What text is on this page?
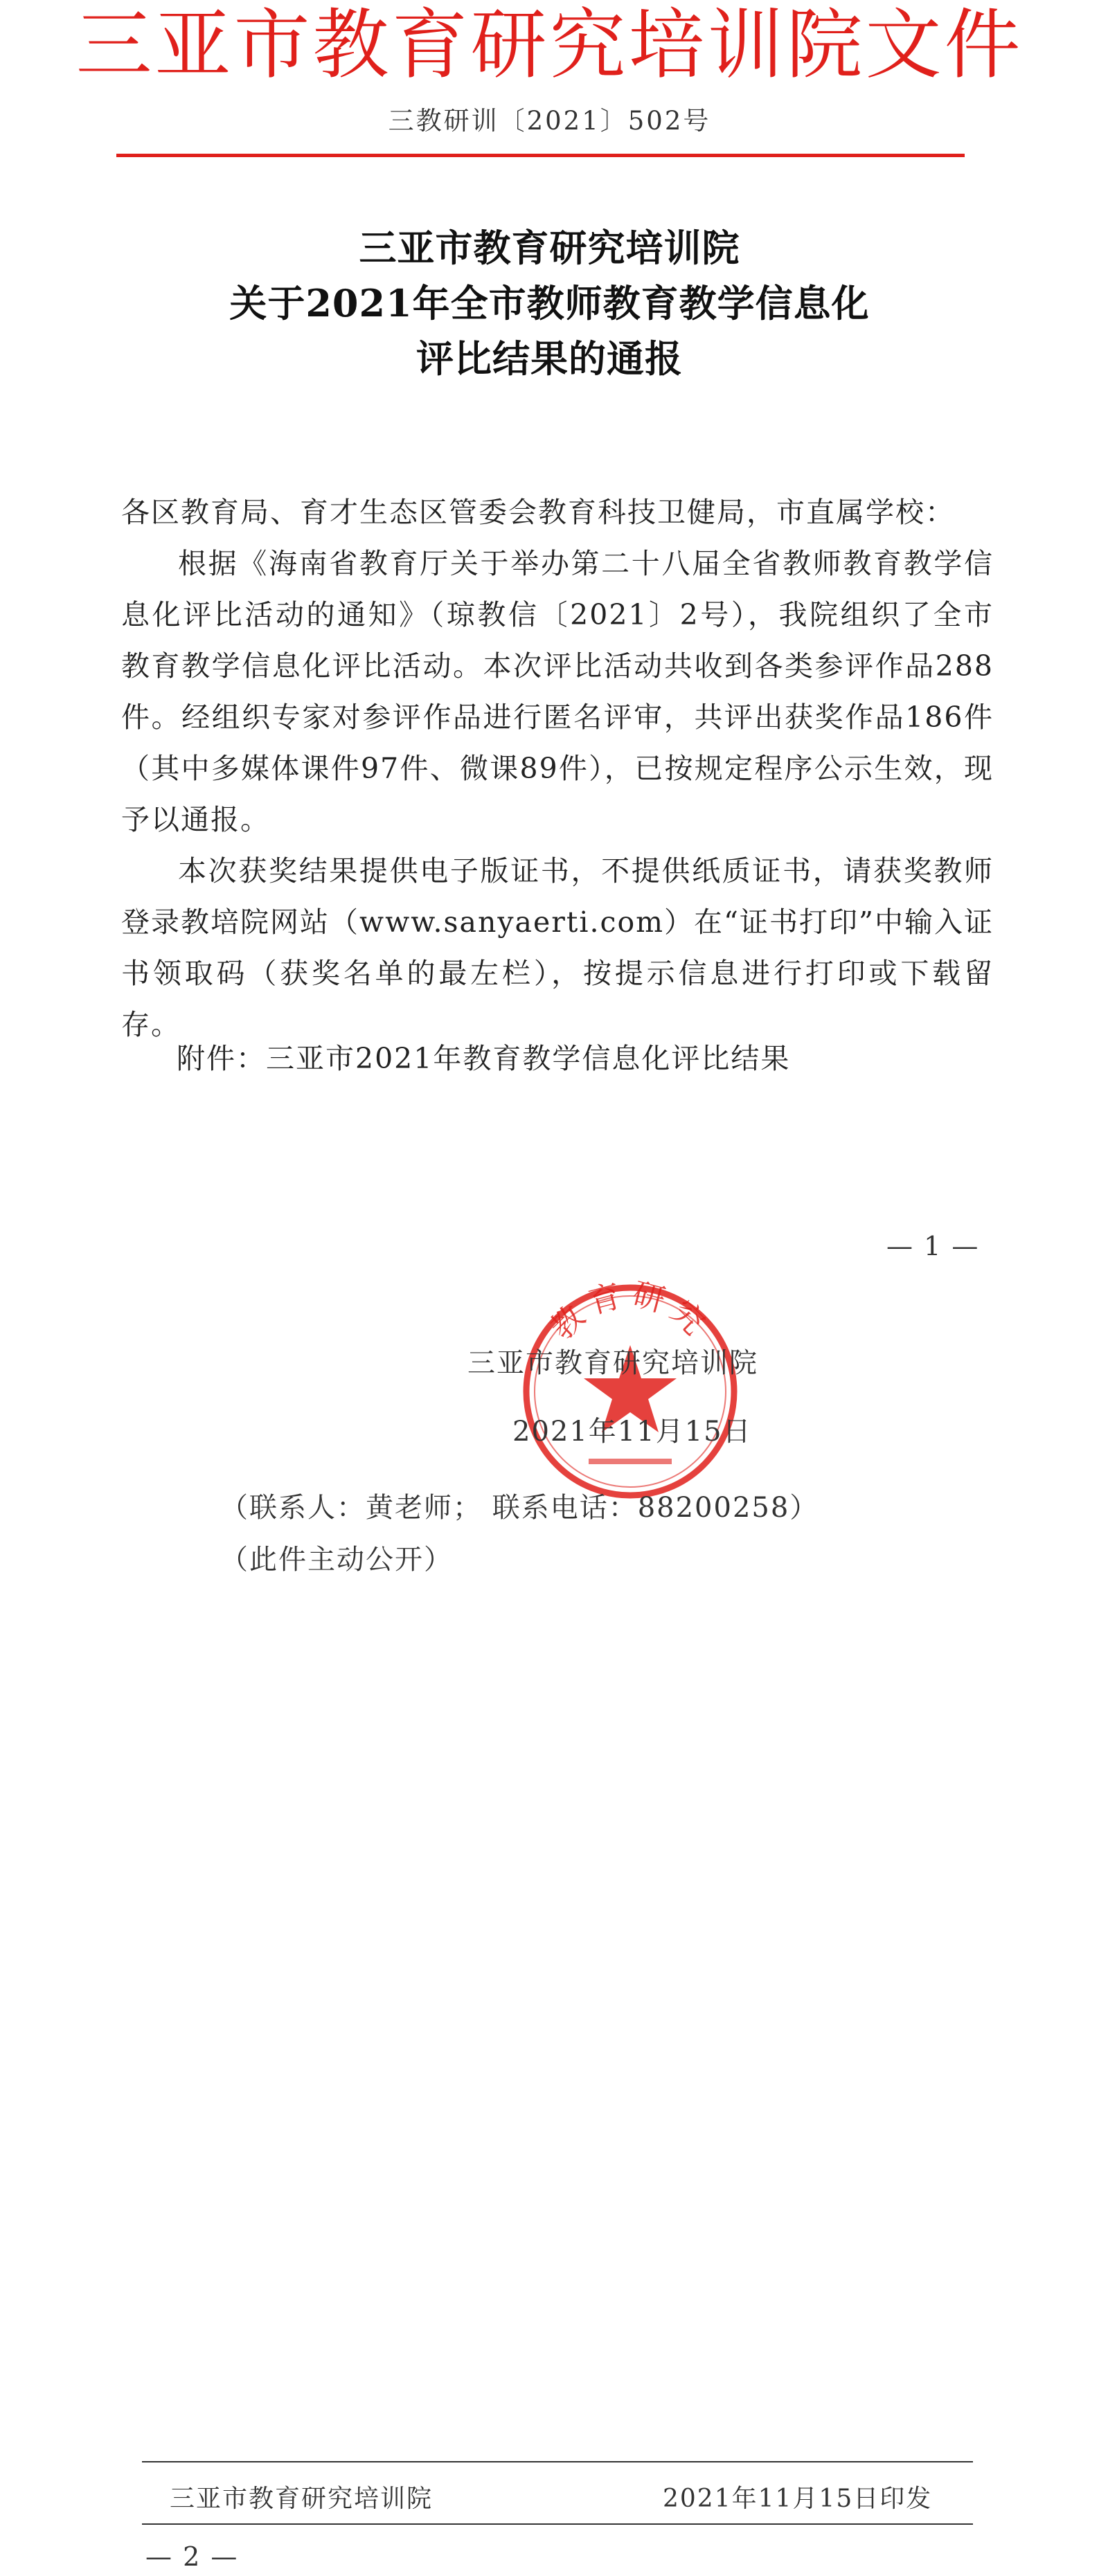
三亚市教育研究培训院文件
三教研训〔2021〕502号
三亚市教育研究培训院
关于2021年全市教师教育教学信息化
评比结果的通报
各区教育局、育才生态区管委会教育科技卫健局，市直属学校：
根据《海南省教育厅关于举办第二十八届全省教师教育教学信息化评比活动的通知》（琼教信〔2021〕2号），我院组织了全市教育教学信息化评比活动。本次评比活动共收到各类参评作品288件。经组织专家对参评作品进行匿名评审，共评出获奖作品186件（其中多媒体课件97件、微课89件），已按规定程序公示生效，现予以通报。
本次获奖结果提供电子版证书，不提供纸质证书，请获奖教师登录教培院网站（www.sanyaerti.com）在“证书打印”中输入证书领取码（获奖名单的最左栏），按提示信息进行打印或下载留存。
附件：三亚市2021年教育教学信息化评比结果
— 1 —
教育研究
三亚市教育研究培训院
2021年11月15日
（联系人：黄老师； 联系电话：88200258）
（此件主动公开）
三亚市教育研究培训院	2021年11月15日印发
— 2 —
